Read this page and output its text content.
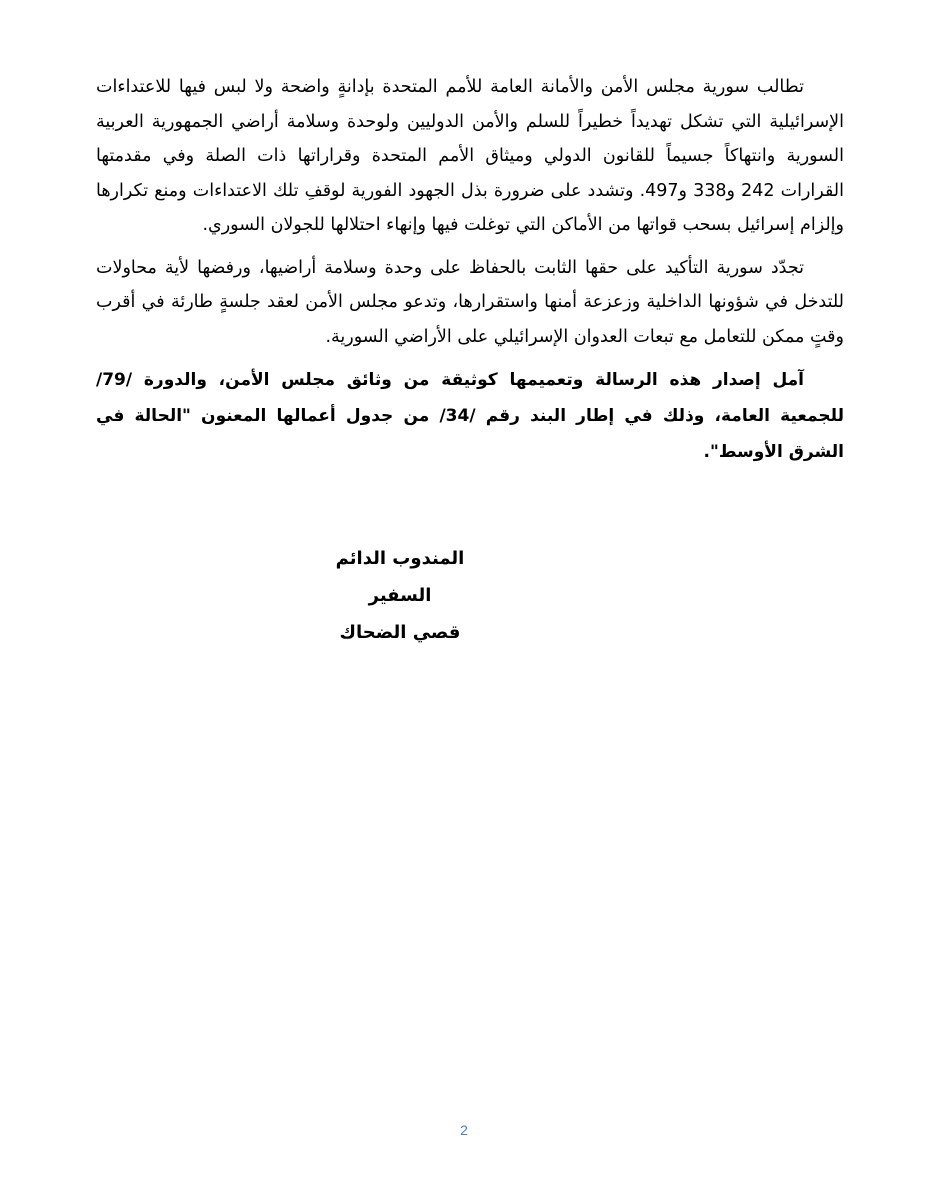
تطالب سورية مجلس الأمن والأمانة العامة للأمم المتحدة بإدانةٍ واضحة ولا لبس فيها للاعتداءات الإسرائيلية التي تشكل تهديداً خطيراً للسلم والأمن الدوليين ولوحدة وسلامة أراضي الجمهورية العربية السورية وانتهاكاً جسيماً للقانون الدولي وميثاق الأمم المتحدة وقراراتها ذات الصلة وفي مقدمتها القرارات 242 و338 و497. وتشدد على ضرورة بذل الجهود الفورية لوقفِ تلك الاعتداءات ومنع تكرارها وإلزام إسرائيل بسحب قواتها من الأماكن التي توغلت فيها وإنهاء احتلالها للجولان السوري.

تجدّد سورية التأكيد على حقها الثابت بالحفاظ على وحدة وسلامة أراضيها، ورفضها لأية محاولات للتدخل في شؤونها الداخلية وزعزعة أمنها واستقرارها، وتدعو مجلس الأمن لعقد جلسةٍ طارئة في أقرب وقتٍ ممكن للتعامل مع تبعات العدوان الإسرائيلي على الأراضي السورية.

آمل إصدار هذه الرسالة وتعميمها كوثيقة من وثائق مجلس الأمن، والدورة /79/ للجمعية العامة، وذلك في إطار البند رقم /34/ من جدول أعمالها المعنون "الحالة في الشرق الأوسط".

المندوب الدائم
السفير
قصي الضحاك
2
